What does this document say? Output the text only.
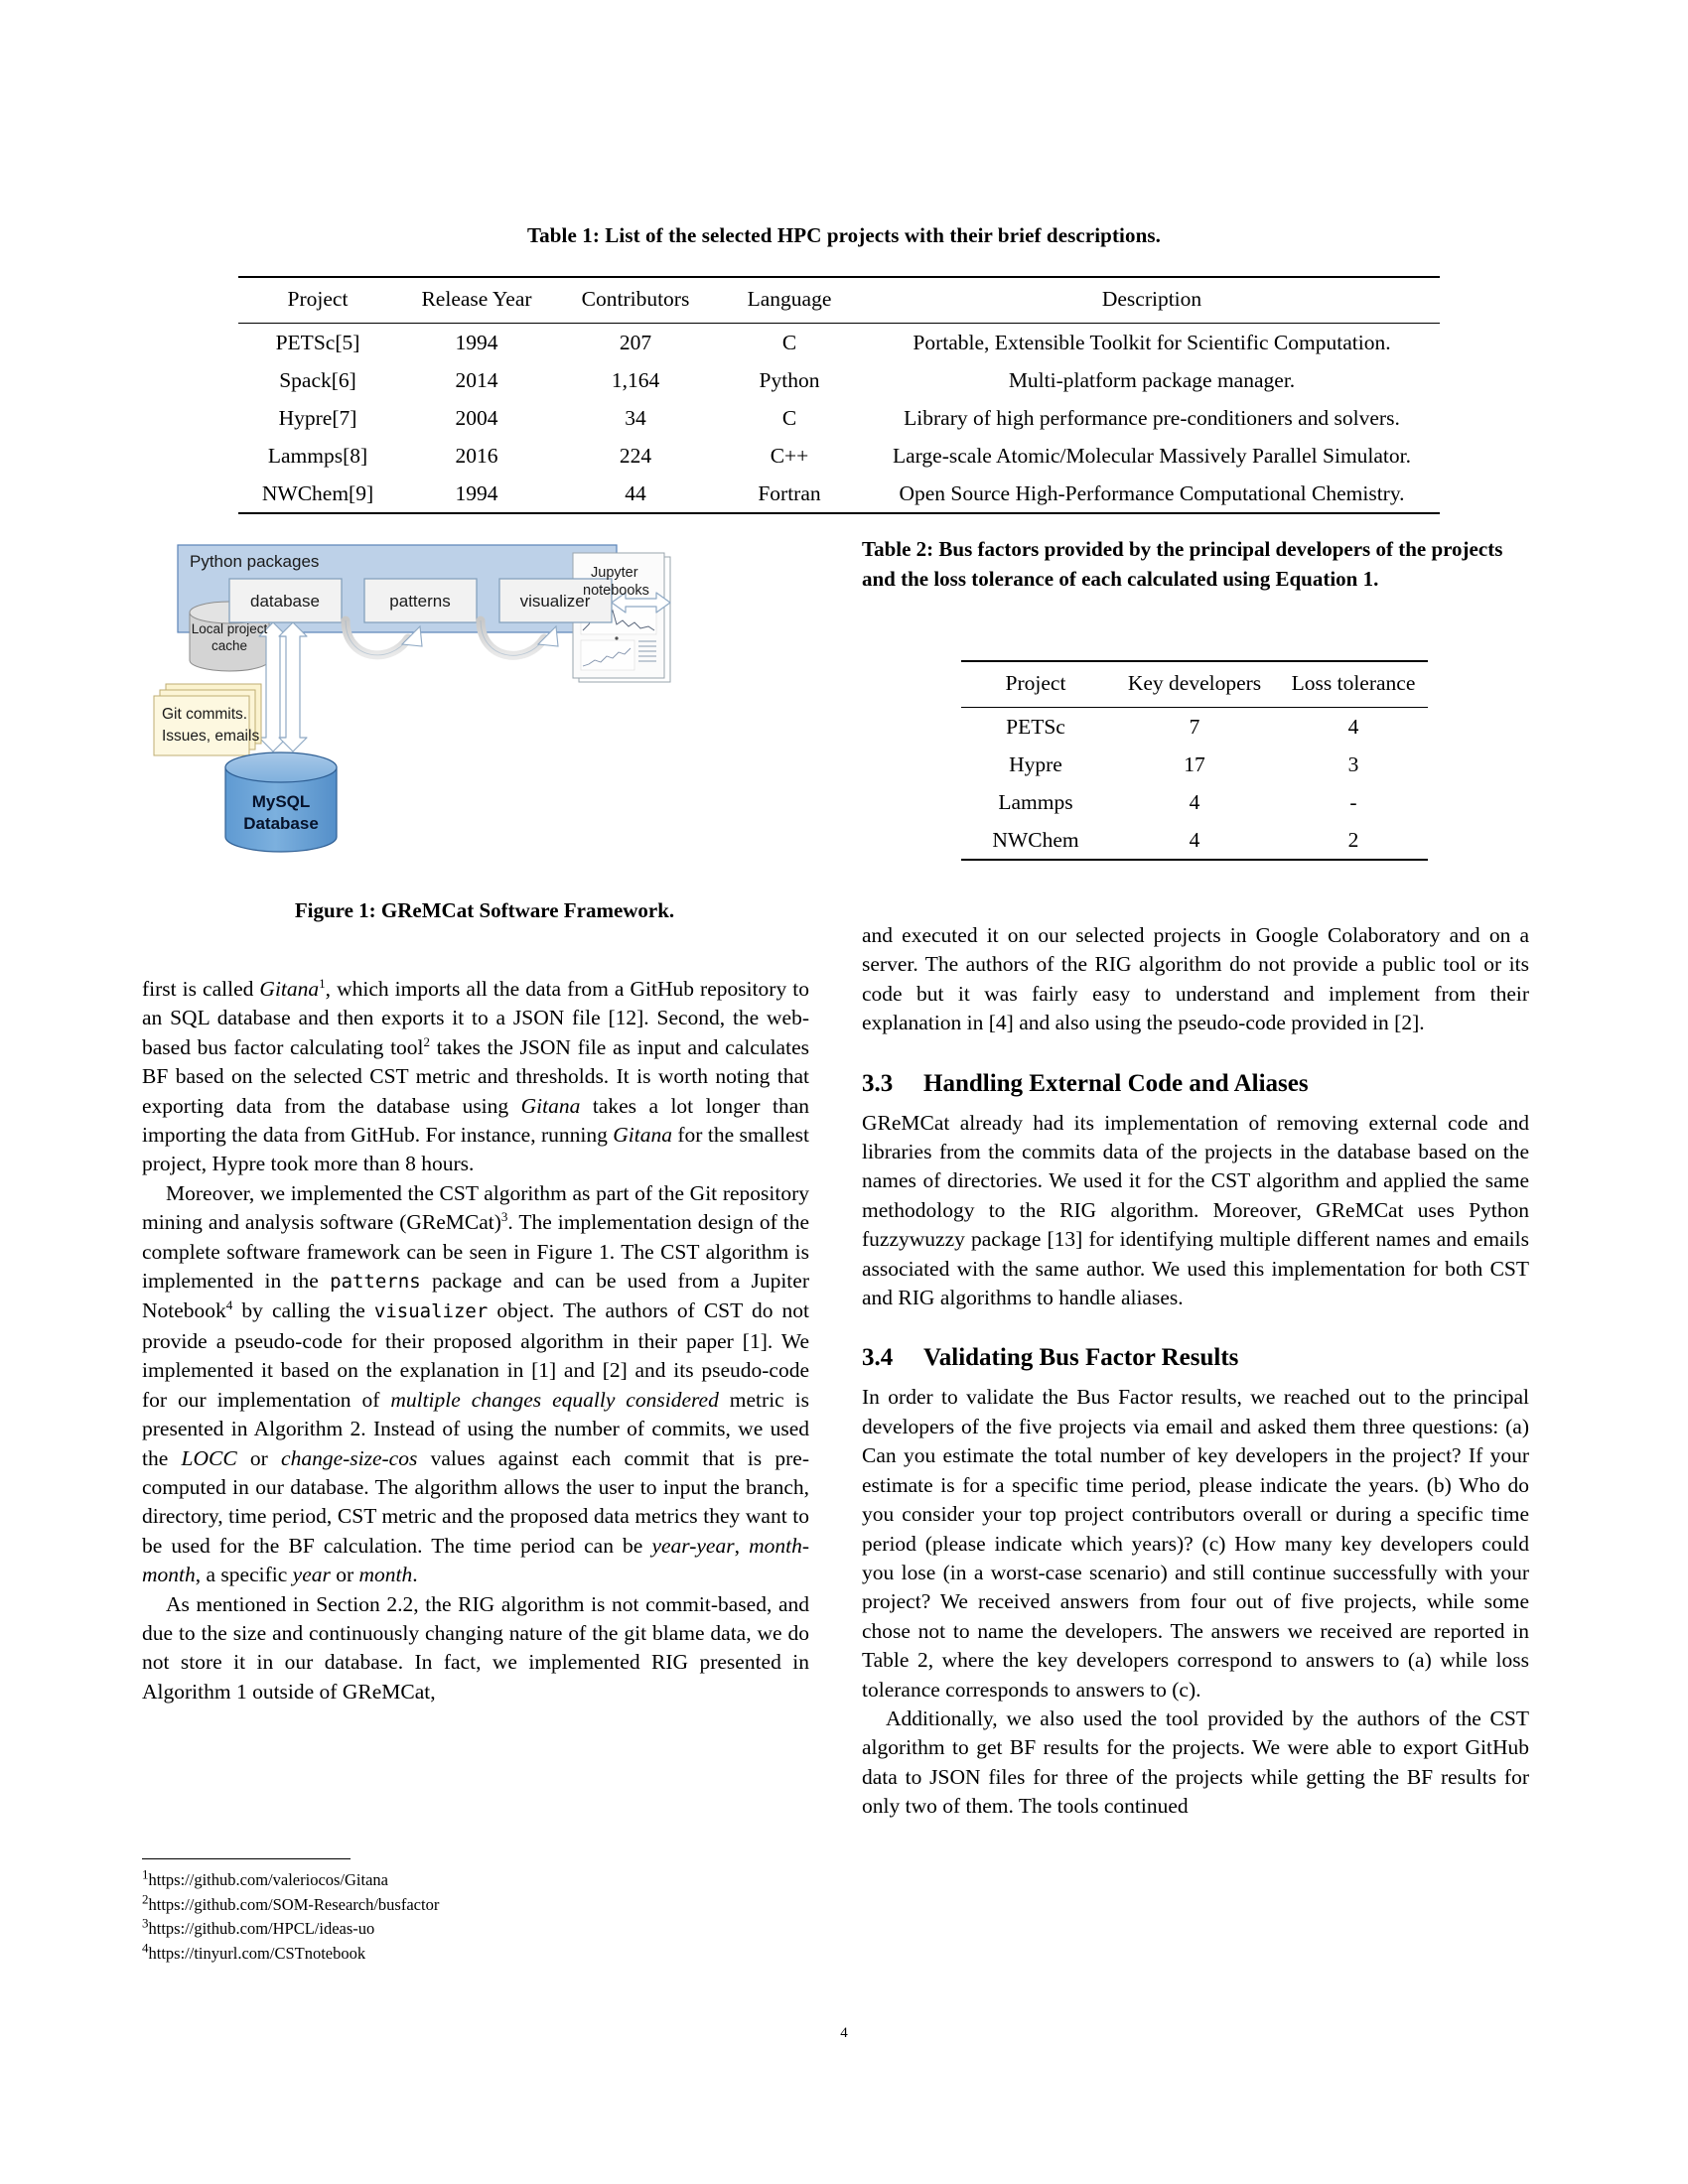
Table 1: List of the selected HPC projects with their brief descriptions.
Project	Release Year	Contributors	Language	Description
PETSc[5]	1994	207	C	Portable, Extensible Toolkit for Scientific Computation.
Spack[6]	2014	1,164	Python	Multi-platform package manager.
Hypre[7]	2004	34	C	Library of high performance pre-conditioners and solvers.
Lammps[8]	2016	224	C++	Large-scale Atomic/Molecular Massively Parallel Simulator.
NWChem[9]	1994	44	Fortran	Open Source High-Performance Computational Chemistry.
Python packages
database	patterns	visualizer
Local project
cache
Git commits.
Issues, emails
MySQL
Database
Jupyter
notebooks
Figure 1: GReMCat Software Framework.
Table 2: Bus factors provided by the principal developers of the projects and the loss tolerance of each calculated using Equation 1.
Project	Key developers	Loss tolerance
PETSc	7	4
Hypre	17	3
Lammps	4	-
NWChem	4	2

first is called Gitana$^1$, which imports all the data from a GitHub repository to an SQL database and then exports it to a JSON file [12]. Second, the web-based bus factor calculating tool$^2$ takes the JSON file as input and calculates BF based on the selected CST metric and thresholds. It is worth noting that exporting data from the database using Gitana takes a lot longer than importing the data from GitHub. For instance, running Gitana for the smallest project, Hypre took more than 8 hours.

Moreover, we implemented the CST algorithm as part of the Git repository mining and analysis software (GReMCat)$^3$. The implementation design of the complete software framework can be seen in Figure 1. The CST algorithm is implemented in the patterns package and can be used from a Jupiter Notebook$^4$ by calling the visualizer object. The authors of CST do not provide a pseudo-code for their proposed algorithm in their paper [1]. We implemented it based on the explanation in [1] and [2] and its pseudo-code for our implementation of multiple changes equally considered metric is presented in Algorithm 2. Instead of using the number of commits, we used the LOCC or change-size-cos values against each commit that is pre-computed in our database. The algorithm allows the user to input the branch, directory, time period, CST metric and the proposed data metrics they want to be used for the BF calculation. The time period can be year-year, month-month, a specific year or month.

As mentioned in Section 2.2, the RIG algorithm is not commit-based, and due to the size and continuously changing nature of the git blame data, we do not store it in our database. In fact, we implemented RIG presented in Algorithm 1 outside of GReMCat,

and executed it on our selected projects in Google Colaboratory and on a server. The authors of the RIG algorithm do not provide a public tool or its code but it was fairly easy to understand and implement from their explanation in [4] and also using the pseudo-code provided in [2].

3.3 Handling External Code and Aliases

GReMCat already had its implementation of removing external code and libraries from the commits data of the projects in the database based on the names of directories. We used it for the CST algorithm and applied the same methodology to the RIG algorithm. Moreover, GReMCat uses Python fuzzywuzzy package [13] for identifying multiple different names and emails associated with the same author. We used this implementation for both CST and RIG algorithms to handle aliases.

3.4 Validating Bus Factor Results

In order to validate the Bus Factor results, we reached out to the principal developers of the five projects via email and asked them three questions: (a) Can you estimate the total number of key developers in the project? If your estimate is for a specific time period, please indicate the years. (b) Who do you consider your top project contributors overall or during a specific time period (please indicate which years)? (c) How many key developers could you lose (in a worst-case scenario) and still continue successfully with your project? We received answers from four out of five projects, while some chose not to name the developers. The answers we received are reported in Table 2, where the key developers correspond to answers to (a) while loss tolerance corresponds to answers to (c).

Additionally, we also used the tool provided by the authors of the CST algorithm to get BF results for the projects. We were able to export GitHub data to JSON files for three of the projects while getting the BF results for only two of them. The tools continued

$^1$https://github.com/valeriocos/Gitana
$^2$https://github.com/SOM-Research/busfactor
$^3$https://github.com/HPCL/ideas-uo
$^4$https://tinyurl.com/CSTnotebook
4
